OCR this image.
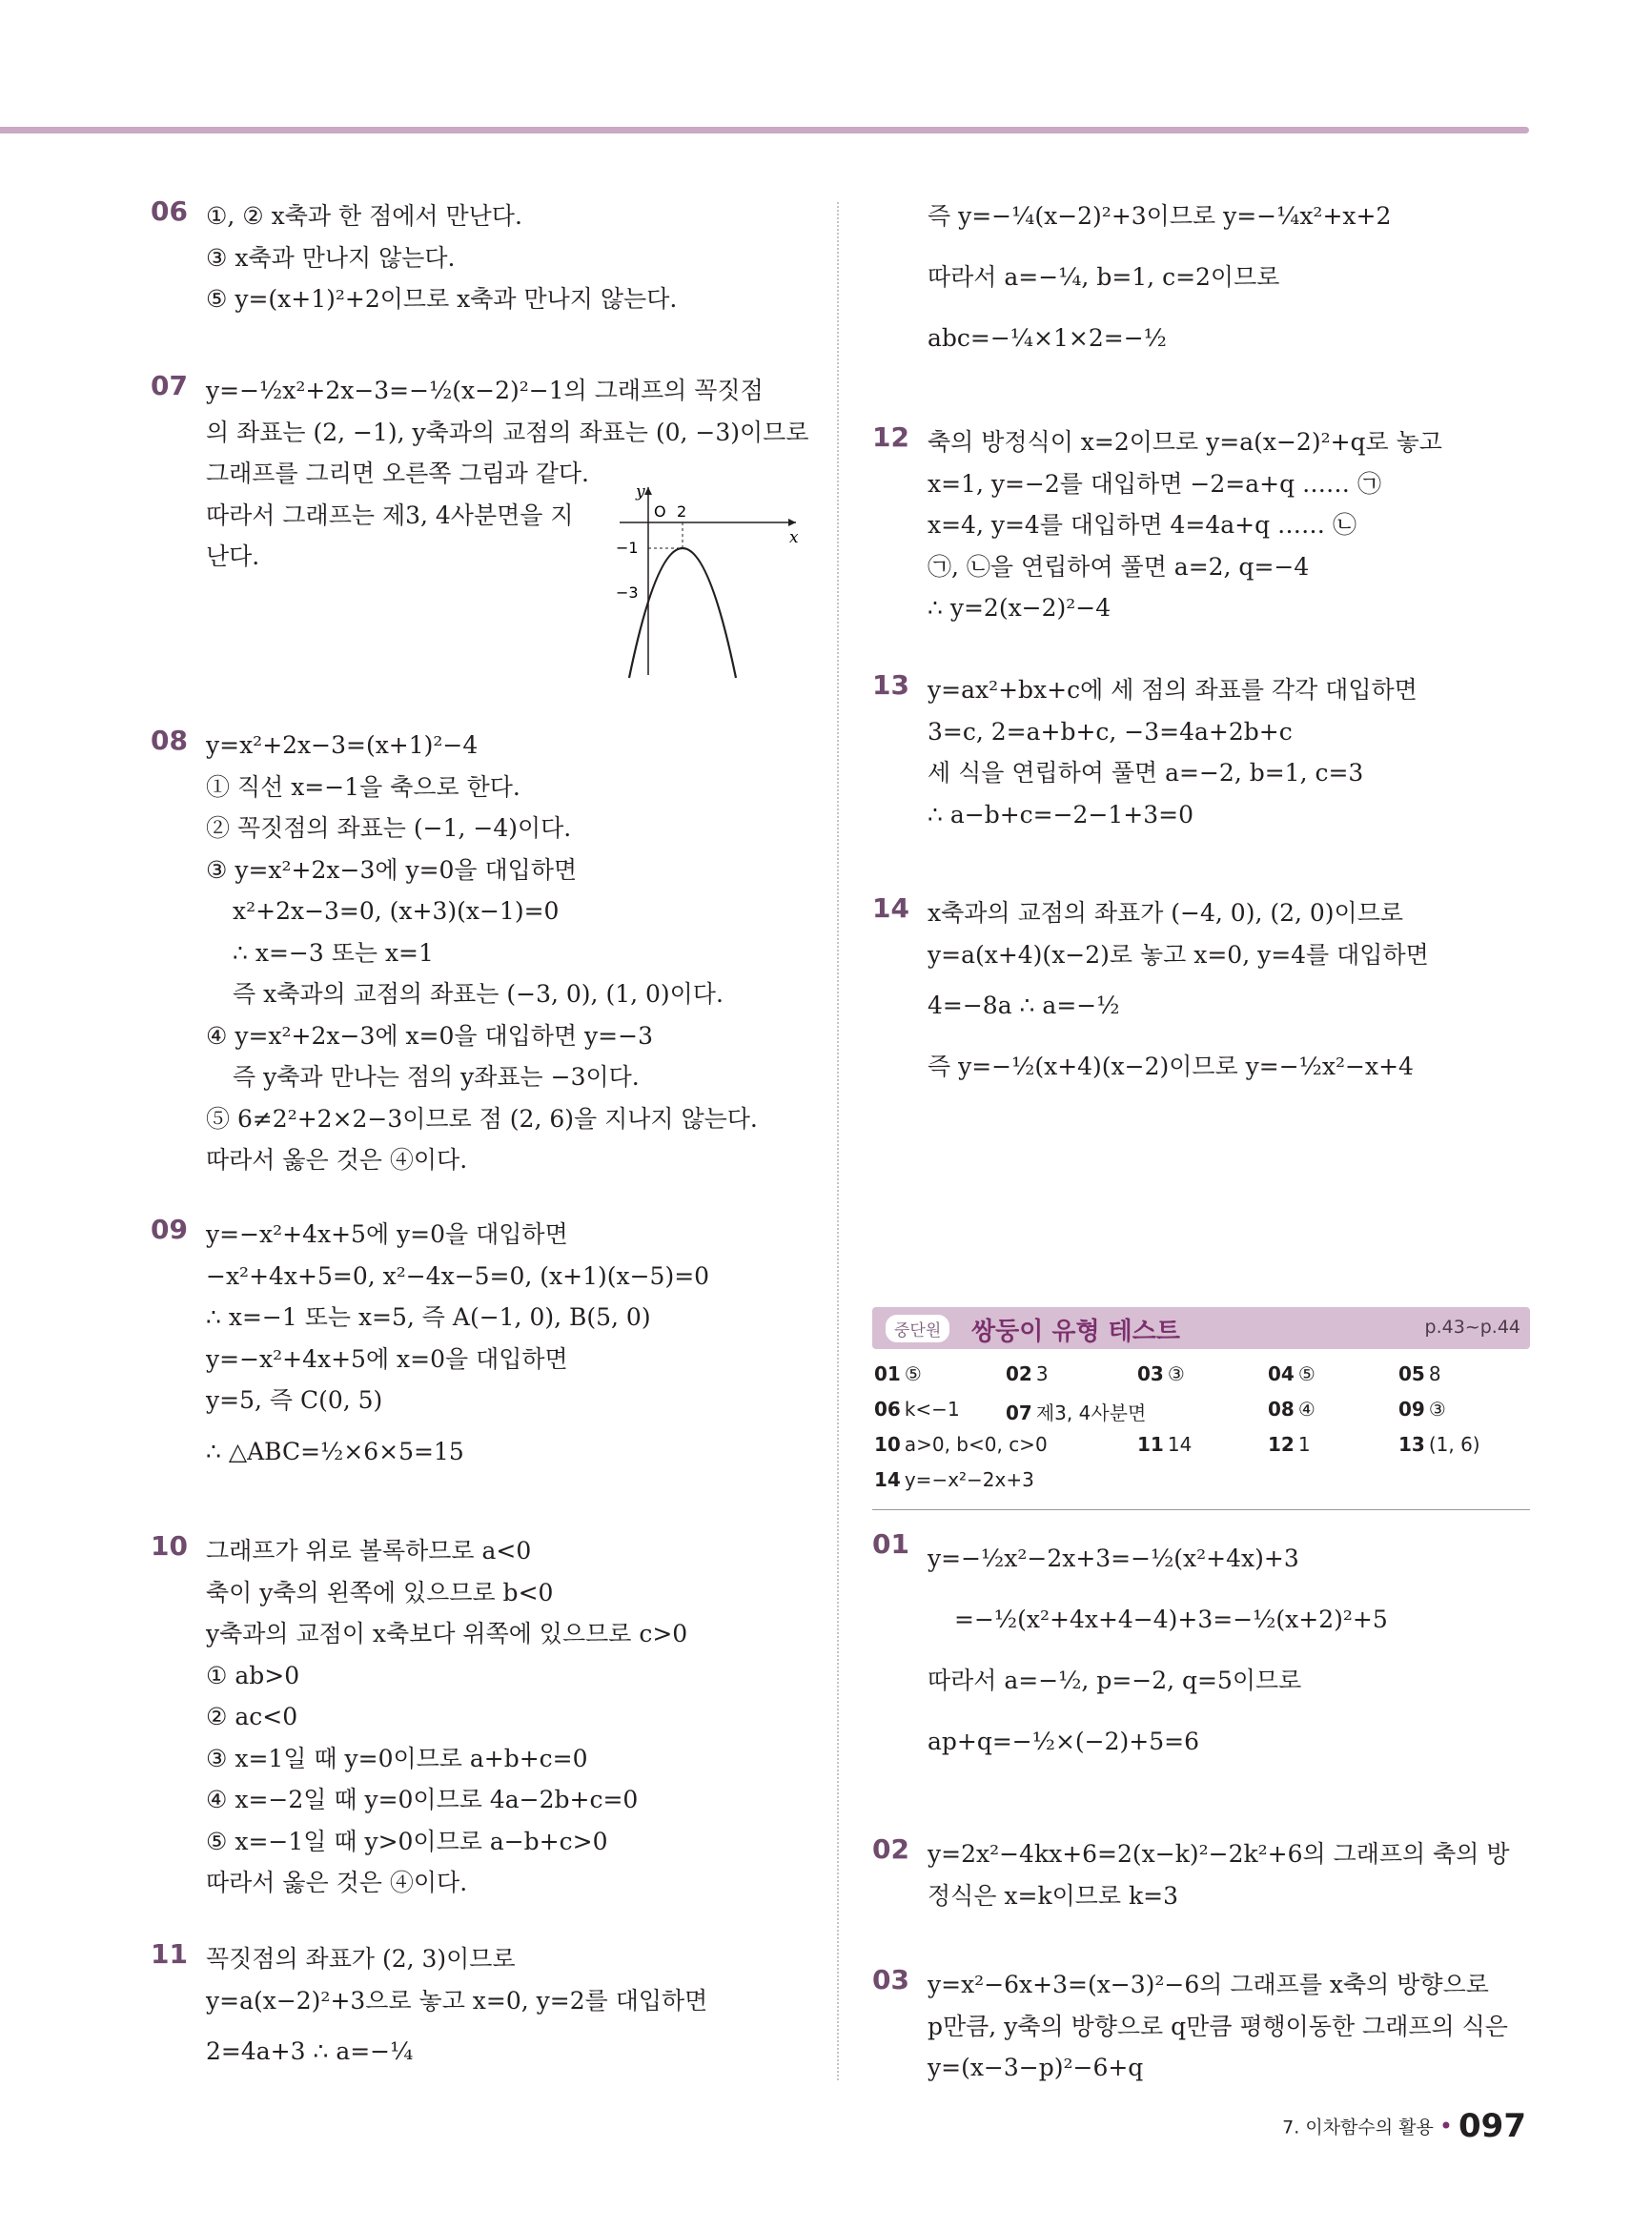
06 ①, ② x축과 한 점에서 만난다.
③ x축과 만나지 않는다.
⑤ y=(x+1)²+2이므로 x축과 만나지 않는다.
07 y=−½x²+2x−3=−½(x−2)²−1의 그래프의 꼭짓점
의 좌표는 (2, −1), y축과의 교점의 좌표는 (0, −3)이므로
그래프를 그리면 오른쪽 그림과 같다.
따라서 그래프는 제3, 4사분면을 지
난다.
y
x
O 2
−1
−3
08 y=x²+2x−3=(x+1)²−4
① 직선 x=−1을 축으로 한다.
② 꼭짓점의 좌표는 (−1, −4)이다.
③ y=x²+2x−3에 y=0을 대입하면
x²+2x−3=0, (x+3)(x−1)=0
∴ x=−3 또는 x=1
즉 x축과의 교점의 좌표는 (−3, 0), (1, 0)이다.
④ y=x²+2x−3에 x=0을 대입하면 y=−3
즉 y축과 만나는 점의 y좌표는 −3이다.
⑤ 6≠2²+2×2−3이므로 점 (2, 6)을 지나지 않는다.
따라서 옳은 것은 ④이다.
09 y=−x²+4x+5에 y=0을 대입하면
−x²+4x+5=0, x²−4x−5=0, (x+1)(x−5)=0
∴ x=−1 또는 x=5, 즉 A(−1, 0), B(5, 0)
y=−x²+4x+5에 x=0을 대입하면
y=5, 즉 C(0, 5)
∴ △ABC=½×6×5=15
10 그래프가 위로 볼록하므로 a<0
축이 y축의 왼쪽에 있으므로 b<0
y축과의 교점이 x축보다 위쪽에 있으므로 c>0
① ab>0
② ac<0
③ x=1일 때 y=0이므로 a+b+c=0
④ x=−2일 때 y=0이므로 4a−2b+c=0
⑤ x=−1일 때 y>0이므로 a−b+c>0
따라서 옳은 것은 ④이다.
11 꼭짓점의 좌표가 (2, 3)이므로
y=a(x−2)²+3으로 놓고 x=0, y=2를 대입하면
2=4a+3 ∴ a=−¼
즉 y=−¼(x−2)²+3이므로 y=−¼x²+x+2
따라서 a=−¼, b=1, c=2이므로
abc=−¼×1×2=−½
12 축의 방정식이 x=2이므로 y=a(x−2)²+q로 놓고
x=1, y=−2를 대입하면 −2=a+q …… ㉠
x=4, y=4를 대입하면 4=4a+q …… ㉡
㉠, ㉡을 연립하여 풀면 a=2, q=−4
∴ y=2(x−2)²−4
13 y=ax²+bx+c에 세 점의 좌표를 각각 대입하면
3=c, 2=a+b+c, −3=4a+2b+c
세 식을 연립하여 풀면 a=−2, b=1, c=3
∴ a−b+c=−2−1+3=0
14 x축과의 교점의 좌표가 (−4, 0), (2, 0)이므로
y=a(x+4)(x−2)로 놓고 x=0, y=4를 대입하면
4=−8a ∴ a=−½
즉 y=−½(x+4)(x−2)이므로 y=−½x²−x+4
중단원	쌍둥이 유형 테스트	p.43~p.44
01 ⑤	02 3	03 ③	04 ⑤	05 8
06 k<−1 07 제3, 4사분면	08 ④	09 ③
10 a>0, b<0, c>0	11 14	12 1	13 (1, 6)
14 y=−x²−2x+3
01 y=−½x²−2x+3=−½(x²+4x)+3
=−½(x²+4x+4−4)+3=−½(x+2)²+5
따라서 a=−½, p=−2, q=5이므로
ap+q=−½×(−2)+5=6
02 y=2x²−4kx+6=2(x−k)²−2k²+6의 그래프의 축의 방
정식은 x=k이므로 k=3
03 y=x²−6x+3=(x−3)²−6의 그래프를 x축의 방향으로
p만큼, y축의 방향으로 q만큼 평행이동한 그래프의 식은
y=(x−3−p)²−6+q
7. 이차함수의 활용 • 097
